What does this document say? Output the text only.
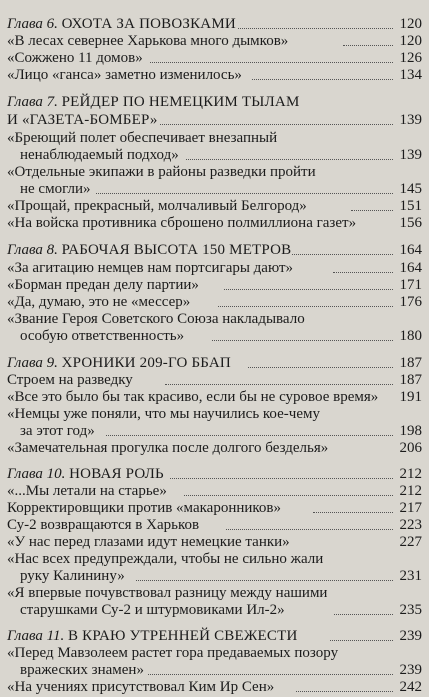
Глава 6. ОХОТА ЗА ПОВОЗКАМИ	120
«В лесах севернее Харькова много дымков»	120
«Сожжено 11 домов»	126
«Лицо «ганса» заметно изменилось»	134
Глава 7. РЕЙДЕР ПО НЕМЕЦКИМ ТЫЛАМ
И «ГАЗЕТА-БОМБЕР»	139
«Бреющий полет обеспечивает внезапный
ненаблюдаемый подход»	139
«Отдельные экипажи в районы разведки пройти
не смогли»	145
«Прощай, прекрасный, молчаливый Белгород»	151
«На войска противника сброшено полмиллиона газет»	156
Глава 8. РАБОЧАЯ ВЫСОТА 150 МЕТРОВ	164
«За агитацию немцев нам портсигары дают»	164
«Борман предан делу партии»	171
«Да, думаю, это не «мессер»	176
«Звание Героя Советского Союза накладывало
особую ответственность»	180
Глава 9. ХРОНИКИ 209-ГО ББАП	187
Строем на разведку	187
«Все это было бы так красиво, если бы не суровое время» 191
«Немцы уже поняли, что мы научились кое-чему
за этот год»	198
«Замечательная прогулка после долгого безделья»	206
Глава 10. НОВАЯ РОЛЬ	212
«...Мы летали на старье»	212
Корректировщики против «макаронников»	217
Су-2 возвращаются в Харьков	223
«У нас перед глазами идут немецкие танки»	227
«Нас всех предупреждали, чтобы не сильно жали
руку Калинину»	231
«Я впервые почувствовал разницу между нашими
старушками Су-2 и штурмовиками Ил-2»	235
Глава 11. В КРАЮ УТРЕННЕЙ СВЕЖЕСТИ	239
«Перед Мавзолеем растет гора предаваемых позору
вражеских знамен»	239
«На учениях присутствовал Ким Ир Сен»	242
